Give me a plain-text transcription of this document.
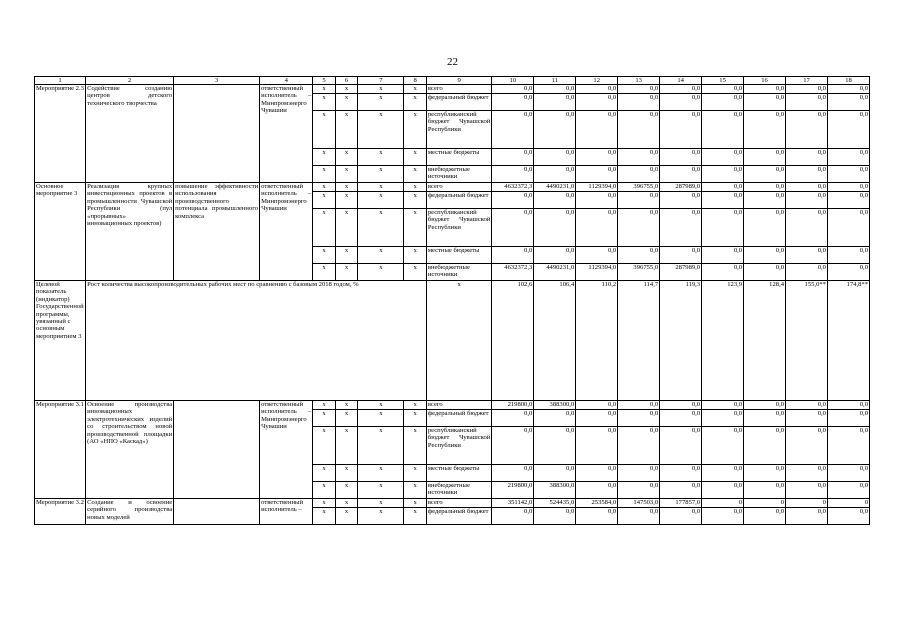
22
1	2	3	4	5	6	7	8	9	10	11	12	13	14	15	16	17	18
Мероприятие 2.3	Содействие созданию центров детского технического творчества		ответственный исполнитель – Минпромэнерго Чувашии	x	x	x	x	всего	0,0	0,0	0,0	0,0	0,0	0,0	0,0	0,0	0,0
				x	x	x	x	федеральный бюджет	0,0	0,0	0,0	0,0	0,0	0,0	0,0	0,0	0,0
				x	x	x	x	республиканский бюджет Чувашской Республики	0,0	0,0	0,0	0,0	0,0	0,0	0,0	0,0	0,0
				x	x	x	x	местные бюджеты	0,0	0,0	0,0	0,0	0,0	0,0	0,0	0,0	0,0
				x	x	x	x	внебюджетные источники	0,0	0,0	0,0	0,0	0,0	0,0	0,0	0,0	0,0
Основное мероприятие 3	Реализация крупных инвестиционных проектов в промышленности Чувашской Республики (пул «прорывных» инновационных проектов)	повышение эффективности использования производственного потенциала промышленного комплекса	ответственный исполнитель – Минпромэнерго Чувашии	x	x	x	x	всего	4632372,3	4490231,0	1129394,0	396755,0	287989,0	0,0	0,0	0,0	0,0
				x	x	x	x	федеральный бюджет	0,0	0,0	0,0	0,0	0,0	0,0	0,0	0,0	0,0
				x	x	x	x	республиканский бюджет Чувашской Республики	0,0	0,0	0,0	0,0	0,0	0,0	0,0	0,0	0,0
				x	x	x	x	местные бюджеты	0,0	0,0	0,0	0,0	0,0	0,0	0,0	0,0	0,0
				x	x	x	x	внебюджетные источники	4632372,3	4490231,0	1129394,0	396755,0	287989,0	0,0	0,0	0,0	0,0
Целевой показатель (индикатор) Государственной программы, увязанный с основным мероприятием 3	Рост количества высокопроизводительных рабочих мест по сравнению с базовым 2018 годом, %							x	102,6	106,4	110,2	114,7	119,3	123,9	128,4	155,0**	174,8**
Мероприятие 3.1	Освоение производства инновационных электротехнических изделий со строительством новой производственной площадки (АО «НПО «Каскад»)		ответственный исполнитель – Минпромэнерго Чувашии	x	x	x	x	всего	219800,0	388300,0	0,0	0,0	0,0	0,0	0,0	0,0	0,0
				x	x	x	x	федеральный бюджет	0,0	0,0	0,0	0,0	0,0	0,0	0,0	0,0	0,0
				x	x	x	x	республиканский бюджет Чувашской Республики	0,0	0,0	0,0	0,0	0,0	0,0	0,0	0,0	0,0
				x	x	x	x	местные бюджеты	0,0	0,0	0,0	0,0	0,0	0,0	0,0	0,0	0,0
				x	x	x	x	внебюджетные источники	219800,0	388300,0	0,0	0,0	0,0	0,0	0,0	0,0	0,0
Мероприятие 3.2	Создание и освоение серийного производства новых моделей		ответственный исполнитель –	x	x	x	x	всего	351142,0	524435,0	253584,0	147503,0	177857,0	0	0	0	0
				x	x	x	x	федеральный бюджет	0,0	0,0	0,0	0,0	0,0	0,0	0,0	0,0	0,0
